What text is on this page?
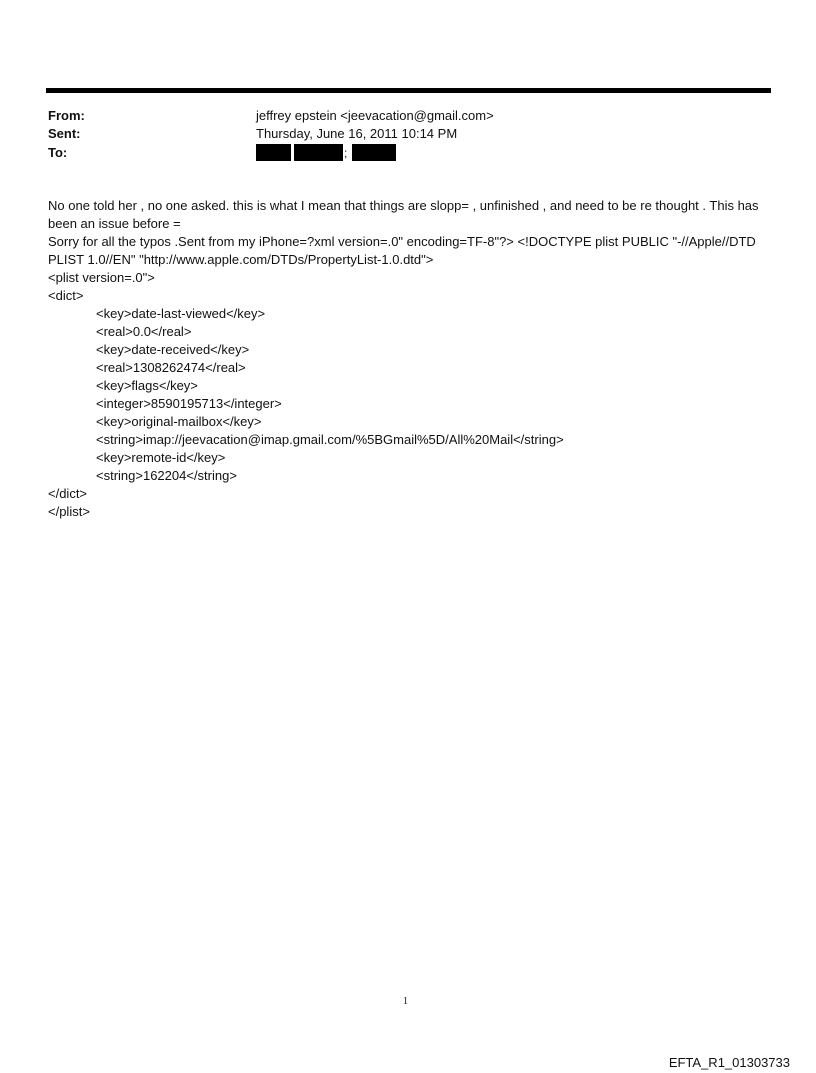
From:	jeffrey epstein <jeevacation@gmail.com>
Sent:	Thursday, June 16, 2011 10:14 PM
To:	;

No one told her , no one asked. this is what I mean that things are slopp= , unfinished , and need to be re thought . This has been an issue before =

Sorry for all the typos .Sent from my iPhone=?xml version=.0" encoding=TF-8"?> <!DOCTYPE plist PUBLIC "-//Apple//DTD PLIST 1.0//EN" "http://www.apple.com/DTDs/PropertyList-1.0.dtd">

<plist version=.0">

<dict>

<key>date-last-viewed</key>

<real>0.0</real>

<key>date-received</key>

<real>1308262474</real>

<key>flags</key>

<integer>8590195713</integer>

<key>original-mailbox</key>

<string>imap://jeevacation@imap.gmail.com/%5BGmail%5D/All%20Mail</string>

<key>remote-id</key>

<string>162204</string>

</dict>

</plist>

1
EFTA_R1_01303733
